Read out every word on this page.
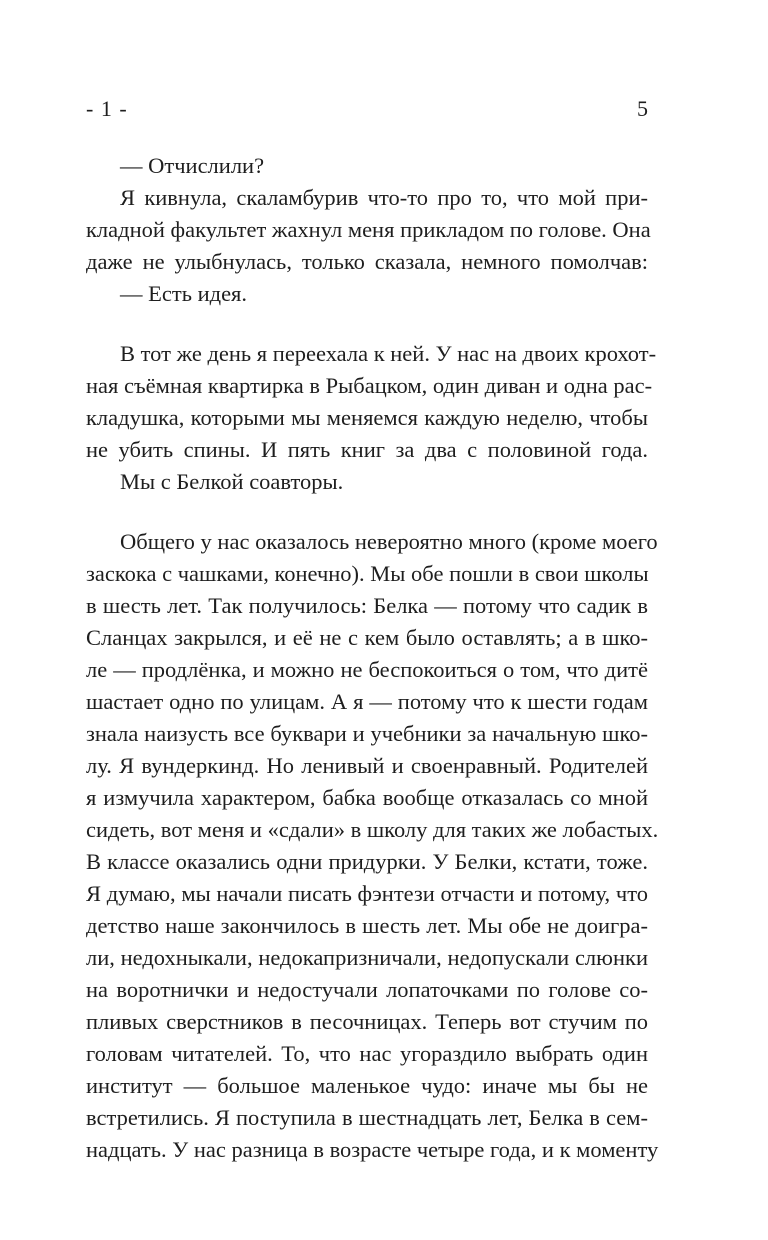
- 1 -	5
— Отчислили?
Я кивнула, скаламбурив что-то про то, что мой при-
кладной факультет жахнул меня прикладом по голове. Она
даже не улыбнулась, только сказала, немного помолчав:
— Есть идея.
В тот же день я переехала к ней. У нас на двоих крохот-
ная съёмная квартирка в Рыбацком, один диван и одна рас-
кладушка, которыми мы меняемся каждую неделю, чтобы
не убить спины. И пять книг за два с половиной года.
Мы с Белкой соавторы.
Общего у нас оказалось невероятно много (кроме моего
заскока с чашками, конечно). Мы обе пошли в свои школы
в шесть лет. Так получилось: Белка — потому что садик в
Сланцах закрылся, и её не с кем было оставлять; а в шко-
ле — продлёнка, и можно не беспокоиться о том, что дитё
шастает одно по улицам. А я — потому что к шести годам
знала наизусть все буквари и учебники за начальную шко-
лу. Я вундеркинд. Но ленивый и своенравный. Родителей
я измучила характером, бабка вообще отказалась со мной
сидеть, вот меня и «сдали» в школу для таких же лобастых.
В классе оказались одни придурки. У Белки, кстати, тоже.
Я думаю, мы начали писать фэнтези отчасти и потому, что
детство наше закончилось в шесть лет. Мы обе не доигра-
ли, недохныкали, недокапризничали, недопускали слюнки
на воротнички и недостучали лопаточками по голове со-
пливых сверстников в песочницах. Теперь вот стучим по
головам читателей. То, что нас угораздило выбрать один
институт — большое маленькое чудо: иначе мы бы не
встретились. Я поступила в шестнадцать лет, Белка в сем-
надцать. У нас разница в возрасте четыре года, и к моменту
